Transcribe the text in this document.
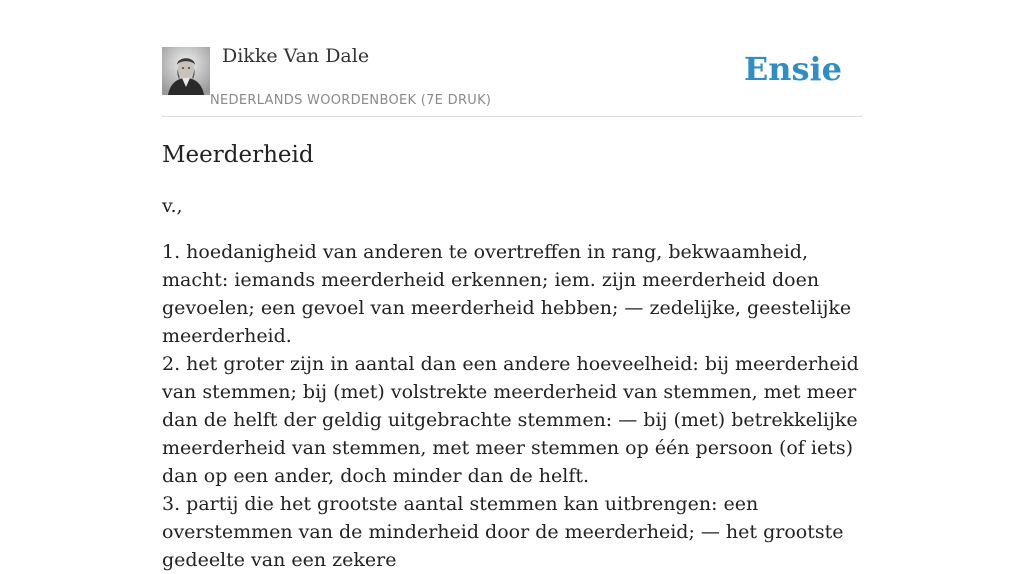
Dikke Van Dale
NEDERLANDS WOORDENBOEK (7E DRUK)
Ensie
Meerderheid

v.,

1. hoedanigheid van anderen te overtreffen in rang, bekwaamheid, macht: iemands meerderheid erkennen; iem. zijn meerderheid doen gevoelen; een gevoel van meerderheid hebben; — zedelijke, geestelijke meerderheid.
2. het groter zijn in aantal dan een andere hoeveelheid: bij meerderheid van stemmen; bij (met) volstrekte meerderheid van stemmen, met meer dan de helft der geldig uitgebrachte stemmen: — bij (met) betrekkelijke meerderheid van stemmen, met meer stemmen op één persoon (of iets) dan op een ander, doch minder dan de helft.
3. partij die het grootste aantal stemmen kan uitbrengen: een overstemmen van de minderheid door de meerderheid; — het grootste gedeelte van een zekere
